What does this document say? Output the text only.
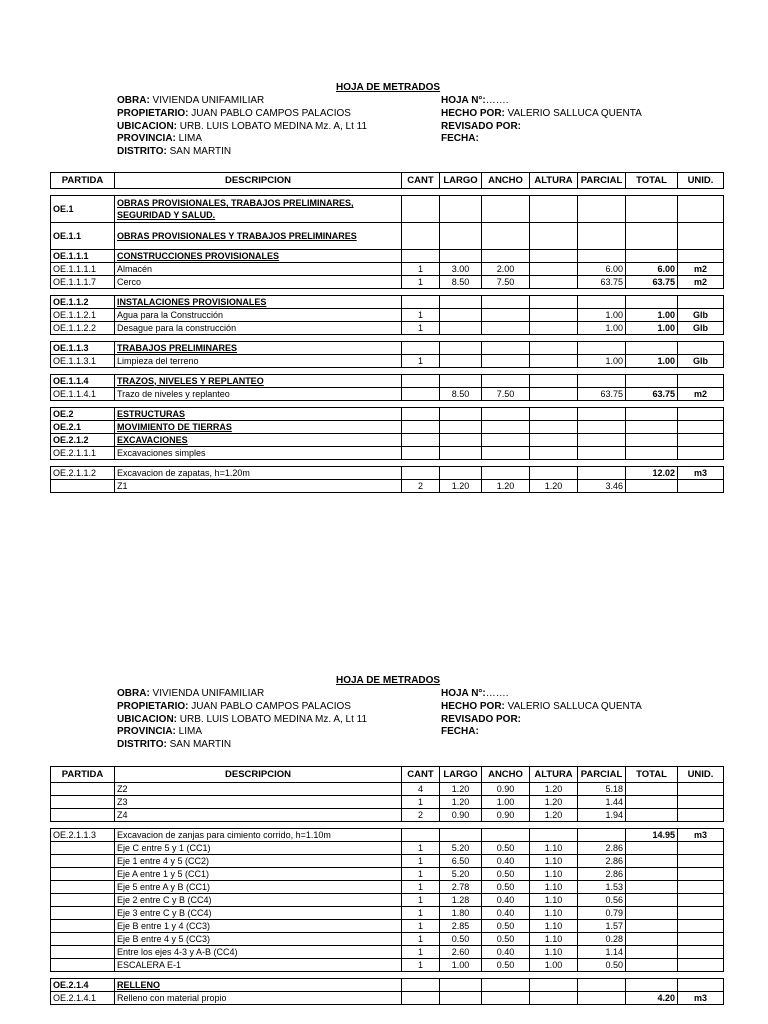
HOJA DE METRADOS
OBRA: VIVIENDA UNIFAMILIAR
PROPIETARIO: JUAN PABLO CAMPOS PALACIOS
UBICACION: URB. LUIS LOBATO MEDINA Mz. A, Lt 11
PROVINCIA: LIMA
DISTRITO: SAN MARTIN
HOJA N°:…….
HECHO POR: VALERIO SALLUCA QUENTA
REVISADO POR:
FECHA:
PARTIDA	DESCRIPCION	CANT	LARGO	ANCHO	ALTURA	PARCIAL	TOTAL	UNID.

OE.1	OBRAS PROVISIONALES, TRABAJOS PRELIMINARES, SEGURIDAD Y SALUD.							
OE.1.1	OBRAS PROVISIONALES Y TRABAJOS PRELIMINARES							
OE.1.1.1	CONSTRUCCIONES PROVISIONALES							
OE.1.1.1.1	Almacén	1	3.00	2.00		6.00	6.00	m2
OE.1.1.1.7	Cerco	1	8.50	7.50		63.75	63.75	m2

OE.1.1.2	INSTALACIONES PROVISIONALES							
OE.1.1.2.1	Agua para la Construcción	1				1.00	1.00	Glb
OE.1.1.2.2	Desague para la construcción	1				1.00	1.00	Glb

OE.1.1.3	TRABAJOS PRELIMINARES							
OE.1.1.3.1	Limpieza del terreno	1				1.00	1.00	Glb

OE.1.1.4	TRAZOS, NIVELES Y REPLANTEO							
OE.1.1.4.1	Trazo de niveles y replanteo		8.50	7.50		63.75	63.75	m2

OE.2	ESTRUCTURAS							
OE.2.1	MOVIMIENTO DE TIERRAS							
OE.2.1.2	EXCAVACIONES							
OE.2.1.1.1	Excavaciones simples							

OE.2.1.1.2	Excavacion de zapatas, h=1.20m						12.02	m3
	Z1	2	1.20	1.20	1.20	3.46		
HOJA DE METRADOS
OBRA: VIVIENDA UNIFAMILIAR
PROPIETARIO: JUAN PABLO CAMPOS PALACIOS
UBICACION: URB. LUIS LOBATO MEDINA Mz. A, Lt 11
PROVINCIA: LIMA
DISTRITO: SAN MARTIN
HOJA N°:…….
HECHO POR: VALERIO SALLUCA QUENTA
REVISADO POR:
FECHA:
PARTIDA	DESCRIPCION	CANT	LARGO	ANCHO	ALTURA	PARCIAL	TOTAL	UNID.
	Z2	4	1.20	0.90	1.20	5.18		
	Z3	1	1.20	1.00	1.20	1.44		
	Z4	2	0.90	0.90	1.20	1.94		

OE.2.1.1.3	Excavacion de zanjas para cimiento corrido, h=1.10m						14.95	m3
	Eje C entre 5 y 1 (CC1)	1	5.20	0.50	1.10	2.86		
	Eje 1 entre 4 y 5 (CC2)	1	6.50	0.40	1.10	2.86		
	Eje A entre 1 y 5 (CC1)	1	5.20	0.50	1.10	2.86		
	Eje 5 entre A y B (CC1)	1	2.78	0.50	1.10	1.53		
	Eje 2 entre C y B (CC4)	1	1.28	0.40	1.10	0.56		
	Eje 3 entre C y B (CC4)	1	1.80	0.40	1.10	0.79		
	Eje B entre 1 y 4 (CC3)	1	2.85	0.50	1.10	1.57		
	Eje B entre 4 y 5 (CC3)	1	0.50	0.50	1.10	0.28		
	Entre los ejes 4-3 y A-B (CC4)	1	2.60	0.40	1.10	1.14		
	ESCALERA E-1	1	1.00	0.50	1.00	0.50		

OE.2.1.4	RELLENO							
OE.2.1.4.1	Relleno con material propio						4.20	m3
